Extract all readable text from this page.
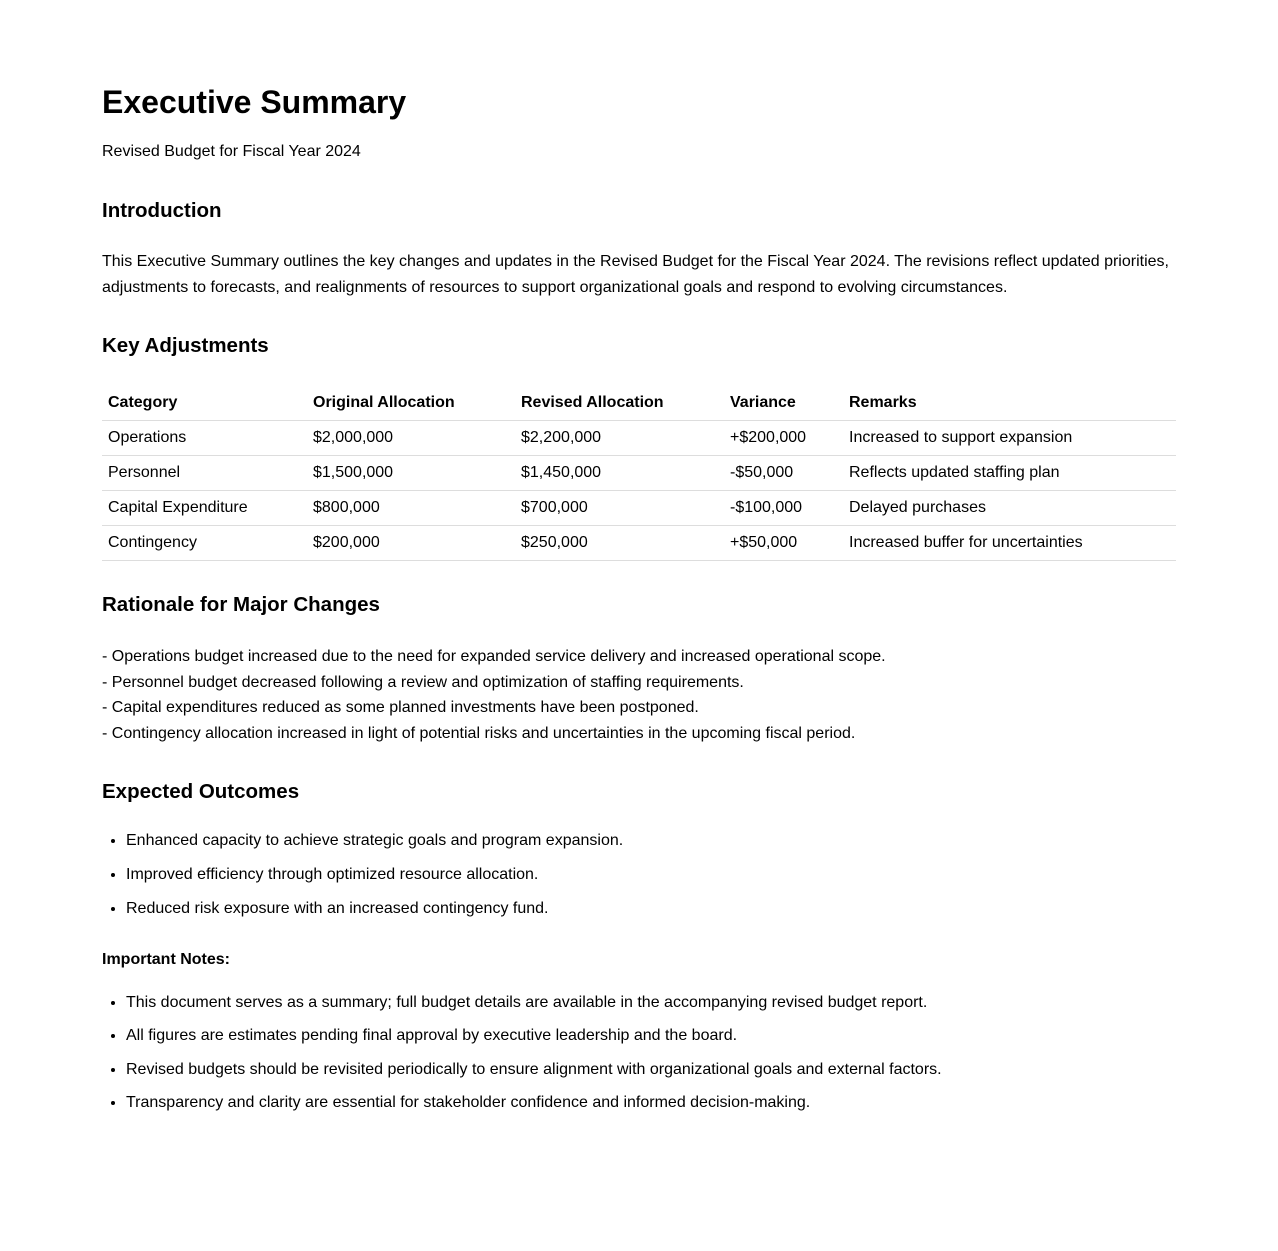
Executive Summary

Revised Budget for Fiscal Year 2024

Introduction

This Executive Summary outlines the key changes and updates in the Revised Budget for the Fiscal Year 2024. The revisions reflect updated priorities, adjustments to forecasts, and realignments of resources to support organizational goals and respond to evolving circumstances.

Key Adjustments
Category	Original Allocation	Revised Allocation	Variance	Remarks
Operations	$2,000,000	$2,200,000	+$200,000	Increased to support expansion
Personnel	$1,500,000	$1,450,000	-$50,000	Reflects updated staffing plan
Capital Expenditure	$800,000	$700,000	-$100,000	Delayed purchases
Contingency	$200,000	$250,000	+$50,000	Increased buffer for uncertainties
Rationale for Major Changes
- Operations budget increased due to the need for expanded service delivery and increased operational scope.
- Personnel budget decreased following a review and optimization of staffing requirements.
- Capital expenditures reduced as some planned investments have been postponed.
- Contingency allocation increased in light of potential risks and uncertainties in the upcoming fiscal period.
Expected Outcomes
• Enhanced capacity to achieve strategic goals and program expansion.
• Improved efficiency through optimized resource allocation.
• Reduced risk exposure with an increased contingency fund.

Important Notes:

• This document serves as a summary; full budget details are available in the accompanying revised budget report.
• All figures are estimates pending final approval by executive leadership and the board.
• Revised budgets should be revisited periodically to ensure alignment with organizational goals and external factors.
• Transparency and clarity are essential for stakeholder confidence and informed decision-making.
